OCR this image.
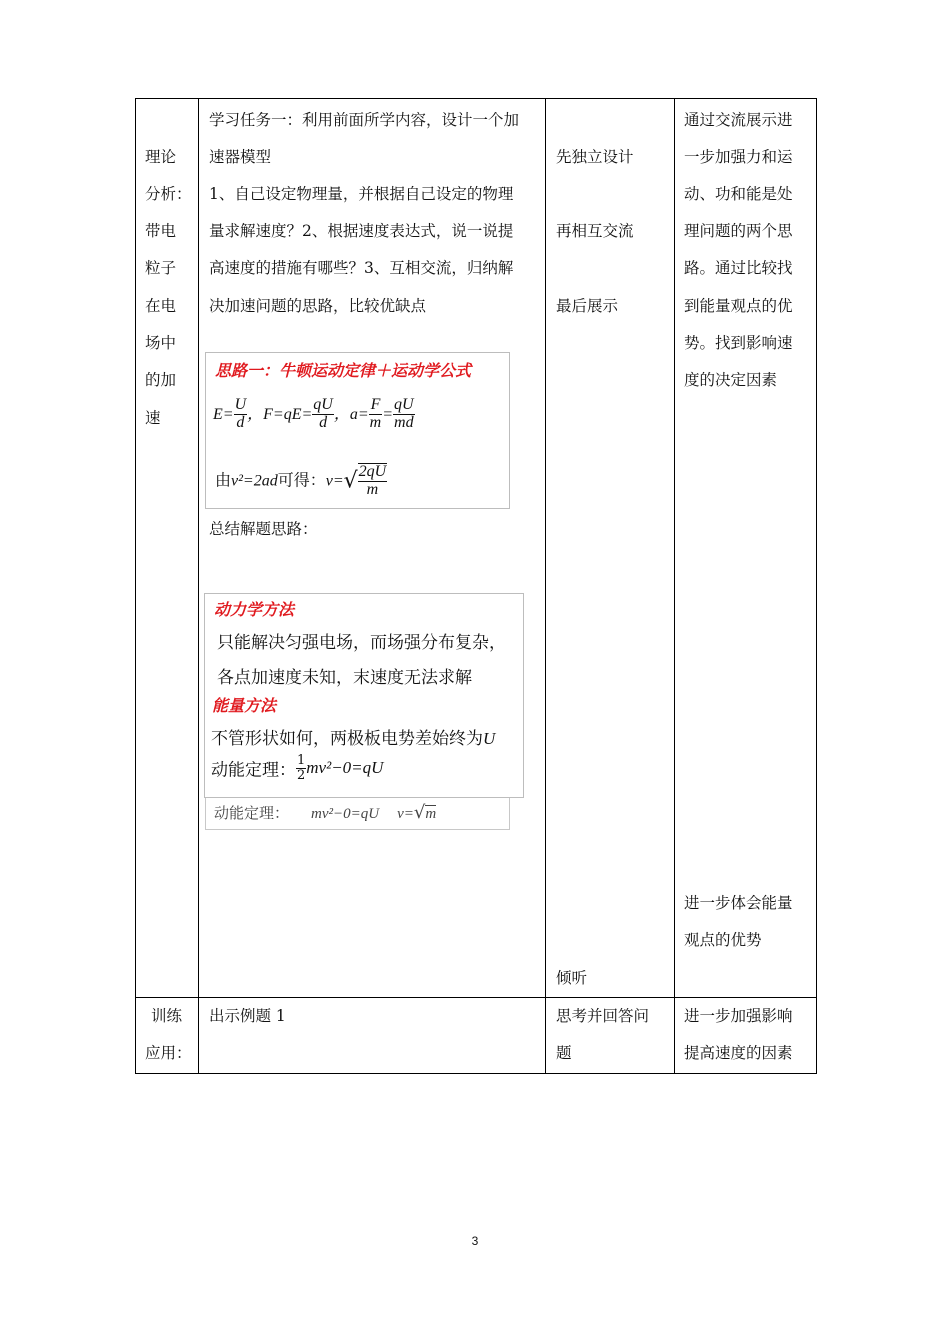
理论
分析：
带电
粒子
在电
场中
的加
速
学习任务一：利用前面所学内容，设计一个加
速器模型
1、自己设定物理量，并根据自己设定的物理
量求解速度？2、根据速度表达式，说一说提
高速度的措施有哪些？3、互相交流，归纳解
决加速问题的思路，比较优缺点
思路一：牛顿运动定律＋运动学公式
$E= \frac{U}{d}$ ，$F=qE= \frac{qU}{d}$ ，$a= \frac{F}{m} = \frac{qU}{md}$
由v²=2ad可得：$v=√ \frac{2qU}{m}$
总结解题思路：
动能定理： mv²−0=qU v=√m
动力学方法
只能解决匀强电场，而场强分布复杂，
各点加速度未知，末速度无法求解
能量方法
不管形状如何，两极板电势差始终为U
动能定理： $\frac{1}{2} mv^2-0=qU$
先独立设计
再相互交流
最后展示
倾听
通过交流展示进
一步加强力和运
动、功和能是处
理问题的两个思
路。通过比较找
到能量观点的优
势。找到影响速
度的决定因素
进一步体会能量
观点的优势
训练
应用：
出示例题 1	思考并回答问
题
进一步加强影响
提高速度的因素
3
